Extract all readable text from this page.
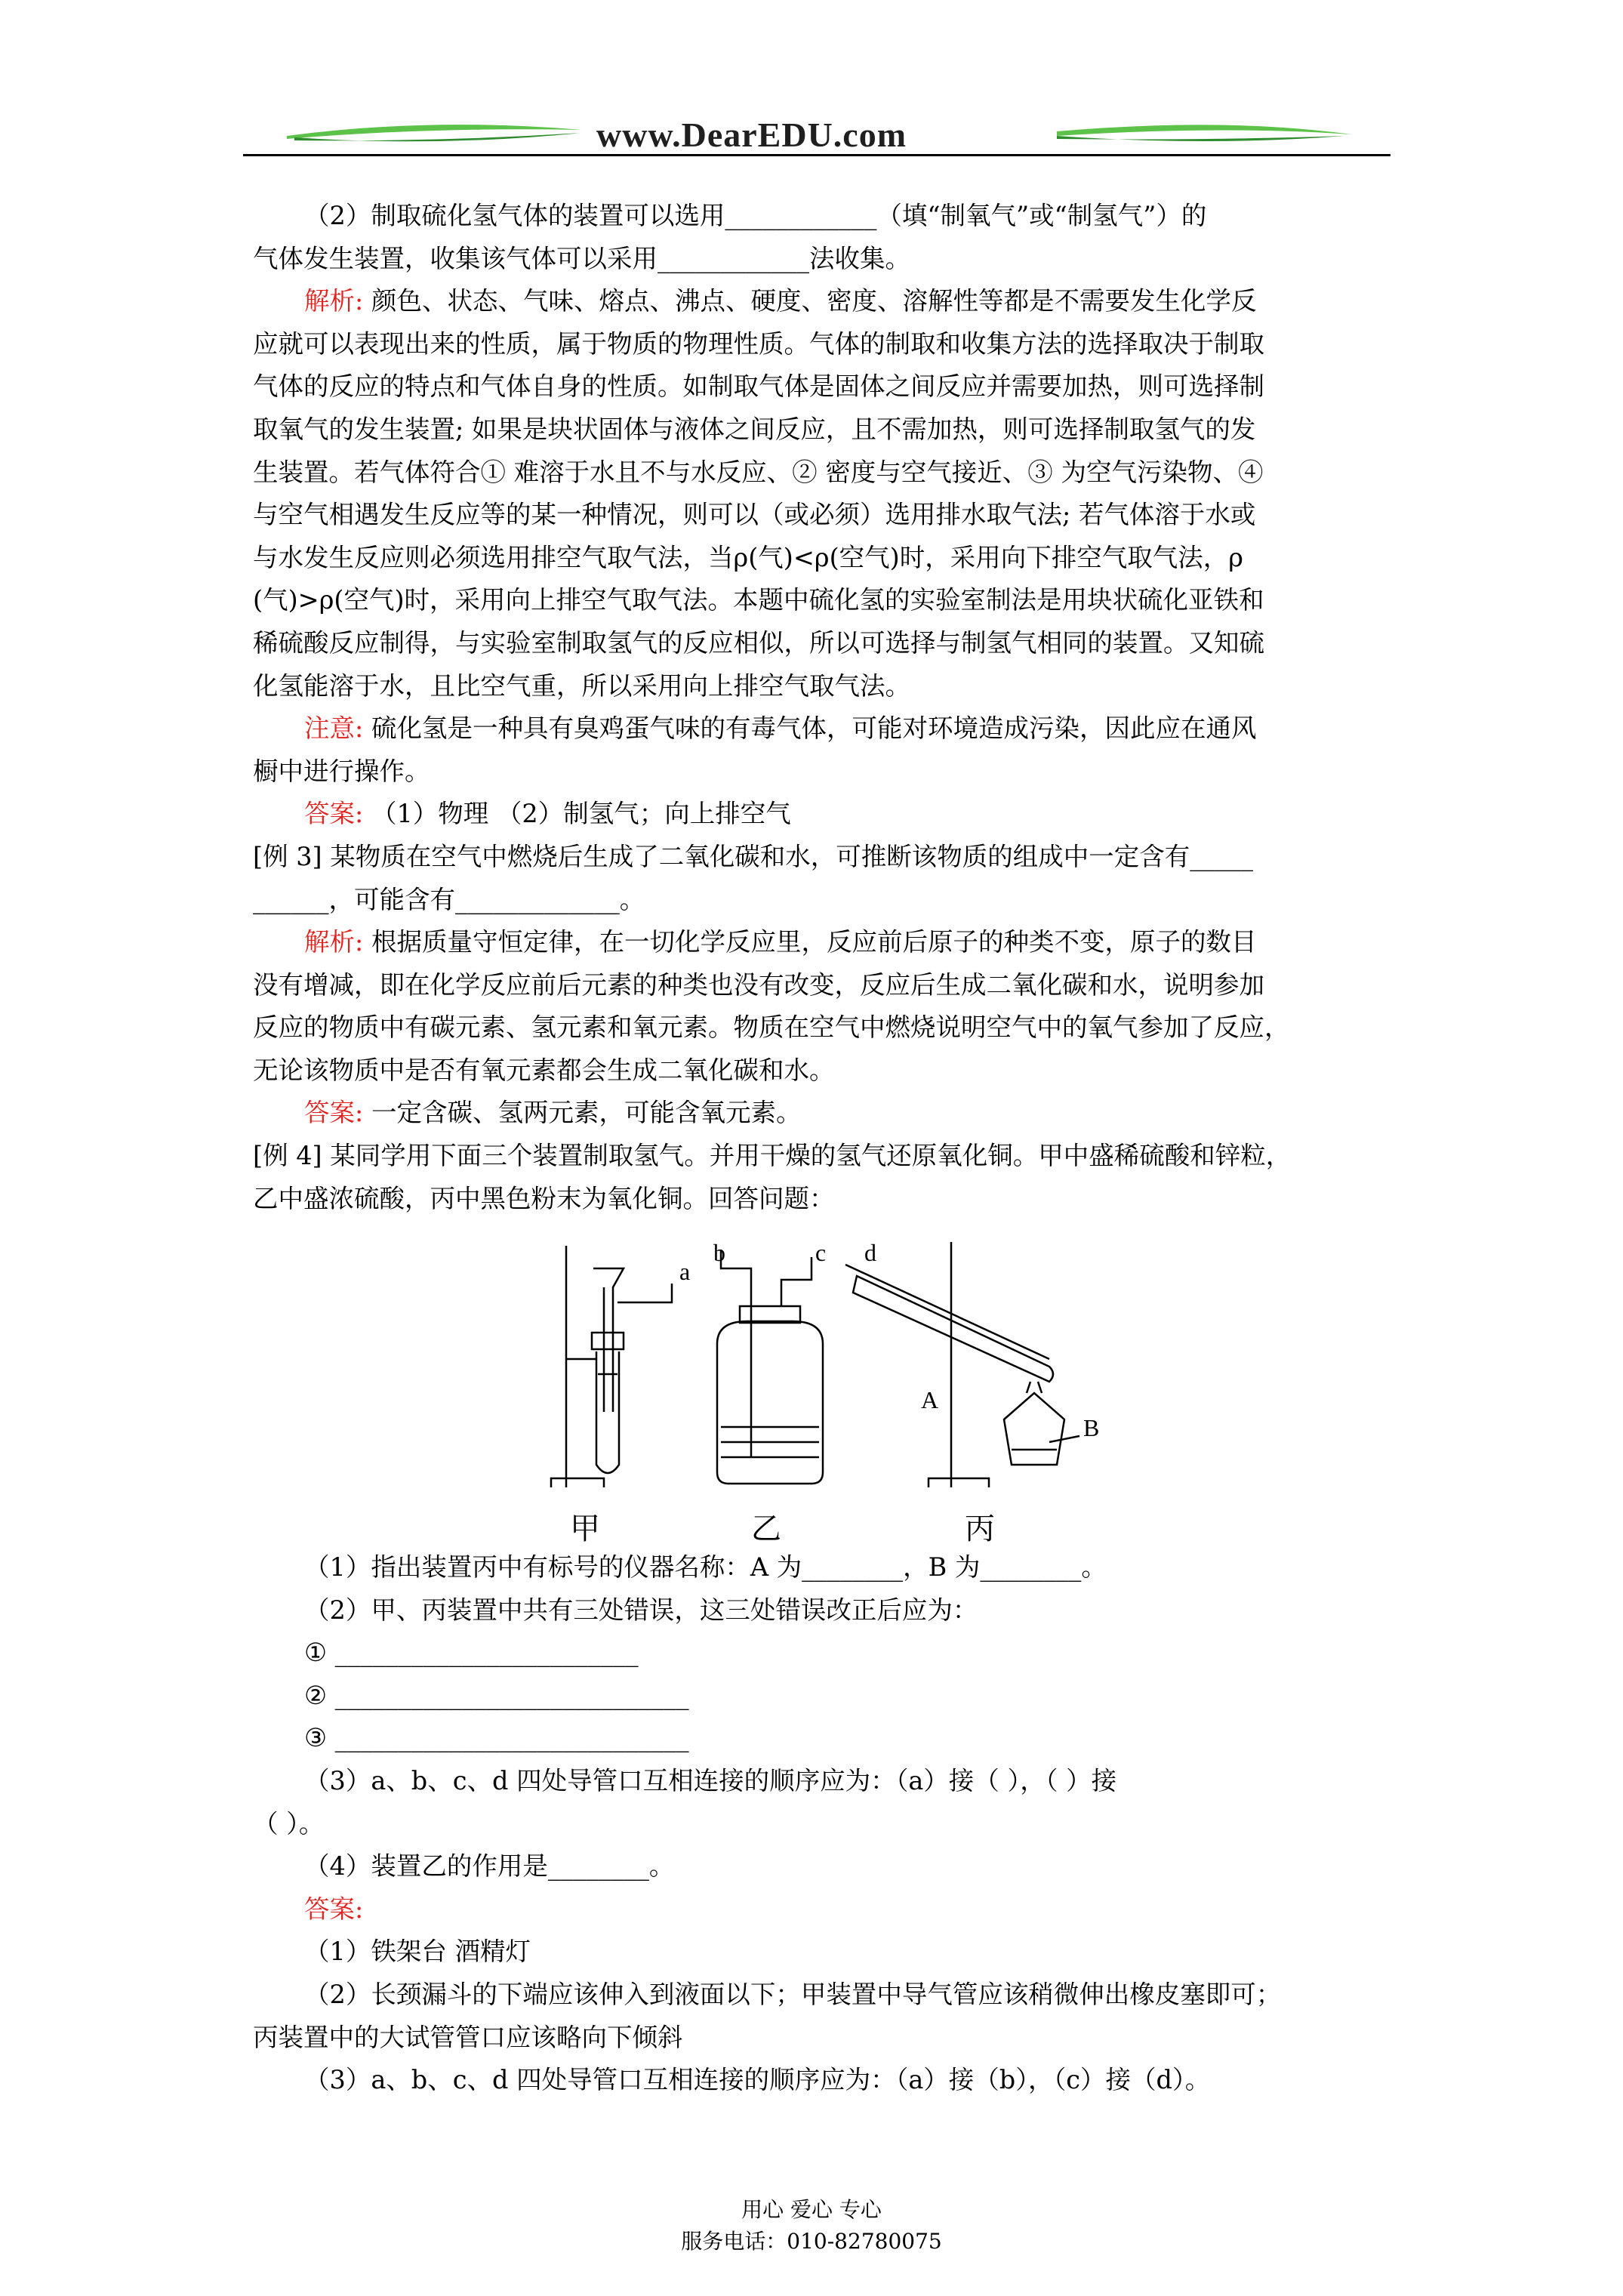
www.DearEDU.com

（2）制取硫化氢气体的装置可以选用____________（填“制氧气”或“制氢气”）的

气体发生装置，收集该气体可以采用____________法收集。

解析: 颜色、状态、气味、熔点、沸点、硬度、密度、溶解性等都是不需要发生化学反

应就可以表现出来的性质，属于物质的物理性质。气体的制取和收集方法的选择取决于制取

气体的反应的特点和气体自身的性质。如制取气体是固体之间反应并需要加热，则可选择制

取氧气的发生装置; 如果是块状固体与液体之间反应，且不需加热，则可选择制取氢气的发

生装置。若气体符合① 难溶于水且不与水反应、② 密度与空气接近、③ 为空气污染物、④

与空气相遇发生反应等的某一种情况，则可以（或必须）选用排水取气法; 若气体溶于水或

与水发生反应则必须选用排空气取气法，当ρ(气)<ρ(空气)时，采用向下排空气取气法，ρ

(气)>ρ(空气)时，采用向上排空气取气法。本题中硫化氢的实验室制法是用块状硫化亚铁和

稀硫酸反应制得，与实验室制取氢气的反应相似，所以可选择与制氢气相同的装置。又知硫

化氢能溶于水，且比空气重，所以采用向上排空气取气法。

注意: 硫化氢是一种具有臭鸡蛋气味的有毒气体，可能对环境造成污染，因此应在通风

橱中进行操作。

答案: （1）物理 （2）制氢气；向上排空气

[例 3] 某物质在空气中燃烧后生成了二氧化碳和水，可推断该物质的组成中一定含有_____

______，可能含有_____________。

解析: 根据质量守恒定律，在一切化学反应里，反应前后原子的种类不变，原子的数目

没有增减，即在化学反应前后元素的种类也没有改变，反应后生成二氧化碳和水，说明参加

反应的物质中有碳元素、氢元素和氧元素。物质在空气中燃烧说明空气中的氧气参加了反应，

无论该物质中是否有氧元素都会生成二氧化碳和水。

答案: 一定含碳、氢两元素，可能含氧元素。

[例 4] 某同学用下面三个装置制取氢气。并用干燥的氢气还原氧化铜。甲中盛稀硫酸和锌粒，

乙中盛浓硫酸，丙中黑色粉末为氧化铜。回答问题：

a
b	c d
A
B
甲	乙	丙

（1）指出装置丙中有标号的仪器名称：A 为________，B 为________。

（2）甲、丙装置中共有三处错误，这三处错误改正后应为：

① ________________________

② ____________________________

③ ____________________________

（3）a、b、c、d 四处导管口互相连接的顺序应为：（a）接（ ），（ ）接

（ ）。

（4）装置乙的作用是________。

答案:

（1）铁架台 酒精灯

（2）长颈漏斗的下端应该伸入到液面以下；甲装置中导气管应该稍微伸出橡皮塞即可；

丙装置中的大试管管口应该略向下倾斜

（3）a、b、c、d 四处导管口互相连接的顺序应为：（a）接（b），（c）接（d）。

用心 爱心 专心
服务电话：010-82780075
